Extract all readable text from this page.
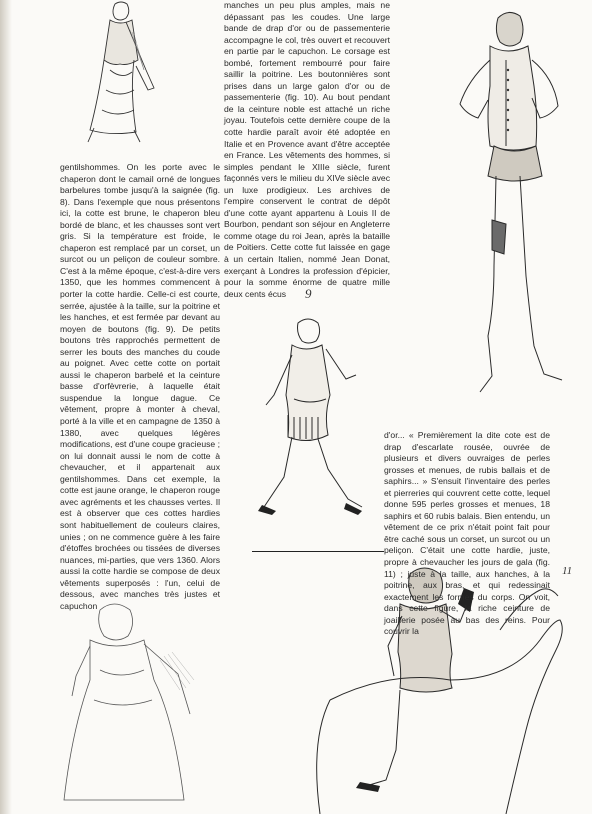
9
11

gentilshommes. On les porte avec le chaperon dont le camail orné de longues barbelures tombe jusqu'à la saignée (fig. 8). Dans l'exemple que nous présentons ici, la cotte est brune, le chaperon bleu bordé de blanc, et les chausses sont vert gris. Si la température est froide, le chaperon est remplacé par un corset, un surcot ou un peliçon de couleur sombre. C'est à la même époque, c'est-à-dire vers 1350, que les hommes commencent à porter la cotte hardie. Celle-ci est courte, serrée, ajustée à la taille, sur la poitrine et les hanches, et est fermée par devant au moyen de boutons (fig. 9). De petits boutons très rapprochés permettent de serrer les bouts des manches du coude au poignet. Avec cette cotte on portait aussi le chaperon barbelé et la ceinture basse d'orfèvrerie, à laquelle était suspendue la longue dague. Ce vêtement, propre à monter à cheval, porté à la ville et en campagne de 1350 à 1380, avec quelques légères modifications, est d'une coupe gracieuse ; on lui donnait aussi le nom de cotte à chevaucher, et il appartenait aux gentilshommes. Dans cet exemple, la cotte est jaune orange, le chaperon rouge avec agréments et les chausses vertes. Il est à observer que ces cottes hardies sont habituellement de couleurs claires, unies ; on ne commence guère à les faire d'étoffes brochées ou tissées de diverses nuances, mi-parties, que vers 1360. Alors aussi la cotte hardie se compose de deux vêtements superposés : l'un, celui de dessous, avec manches très justes et capuchon

manches un peu plus amples, mais ne dépassant pas les coudes. Une large bande de drap d'or ou de passementerie accompagne le col, très ouvert et recouvert en partie par le capuchon. Le corsage est bombé, fortement rembourré pour faire saillir la poitrine. Les boutonnières sont prises dans un large galon d'or ou de passementerie (fig. 10). Au bout pendant de la ceinture noble est attaché un riche joyau. Toutefois cette dernière coupe de la cotte hardie paraît avoir été adoptée en Italie et en Provence avant d'être acceptée en France. Les vêtements des hommes, si simples pendant le XIIIe siècle, furent façonnés vers le milieu du XIVe siècle avec un luxe prodigieux. Les archives de l'empire conservent le contrat de dépôt d'une cotte ayant appartenu à Louis II de Bourbon, pendant son séjour en Angleterre comme otage du roi Jean, après la bataille de Poitiers. Cette cotte fut laissée en gage à un certain Italien, nommé Jean Donat, exerçant à Londres la profession d'épicier, pour la somme énorme de quatre mille deux cents écus

d'or... « Premièrement la dite cote est de drap d'escarlate rousée, ouvrée de plusieurs et divers ouvraiges de perles grosses et menues, de rubis ballais et de saphirs... » S'ensuit l'inventaire des perles et pierreries qui couvrent cette cotte, lequel donne 595 perles grosses et menues, 18 saphirs et 60 rubis balais. Bien entendu, un vêtement de ce prix n'était point fait pour être caché sous un corset, un surcot ou un peliçon. C'était une cotte hardie, juste, propre à chevaucher les jours de gala (fig. 11) ; juste à la taille, aux hanches, à la poitrine, aux bras, et qui redessinait exactement les formes du corps. On voit, dans cette figure, la riche ceinture de joaillerie posée au bas des reins. Pour couvrir la
